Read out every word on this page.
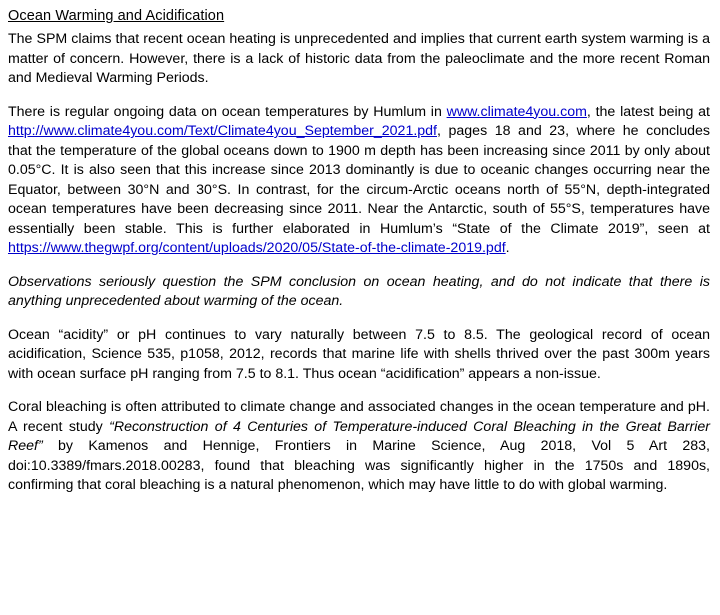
Ocean Warming and Acidification

The SPM claims that recent ocean heating is unprecedented and implies that current earth system warming is a matter of concern. However, there is a lack of historic data from the paleoclimate and the more recent Roman and Medieval Warming Periods.

There is regular ongoing data on ocean temperatures by Humlum in www.climate4you.com, the latest being at http://www.climate4you.com/Text/Climate4you_September_2021.pdf, pages 18 and 23, where he concludes that the temperature of the global oceans down to 1900 m depth has been increasing since 2011 by only about 0.05°C. It is also seen that this increase since 2013 dominantly is due to oceanic changes occurring near the Equator, between 30°N and 30°S. In contrast, for the circum-Arctic oceans north of 55°N, depth-integrated ocean temperatures have been decreasing since 2011. Near the Antarctic, south of 55°S, temperatures have essentially been stable. This is further elaborated in Humlum’s “State of the Climate 2019”, seen at https://www.thegwpf.org/content/uploads/2020/05/State-of-the-climate-2019.pdf.

Observations seriously question the SPM conclusion on ocean heating, and do not indicate that there is anything unprecedented about warming of the ocean.

Ocean “acidity” or pH continues to vary naturally between 7.5 to 8.5. The geological record of ocean acidification, Science 535, p1058, 2012, records that marine life with shells thrived over the past 300m years with ocean surface pH ranging from 7.5 to 8.1. Thus ocean “acidification” appears a non-issue.

Coral bleaching is often attributed to climate change and associated changes in the ocean temperature and pH. A recent study “Reconstruction of 4 Centuries of Temperature-induced Coral Bleaching in the Great Barrier Reef” by Kamenos and Hennige, Frontiers in Marine Science, Aug 2018, Vol 5 Art 283, doi:10.3389/fmars.2018.00283, found that bleaching was significantly higher in the 1750s and 1890s, confirming that coral bleaching is a natural phenomenon, which may have little to do with global warming.
